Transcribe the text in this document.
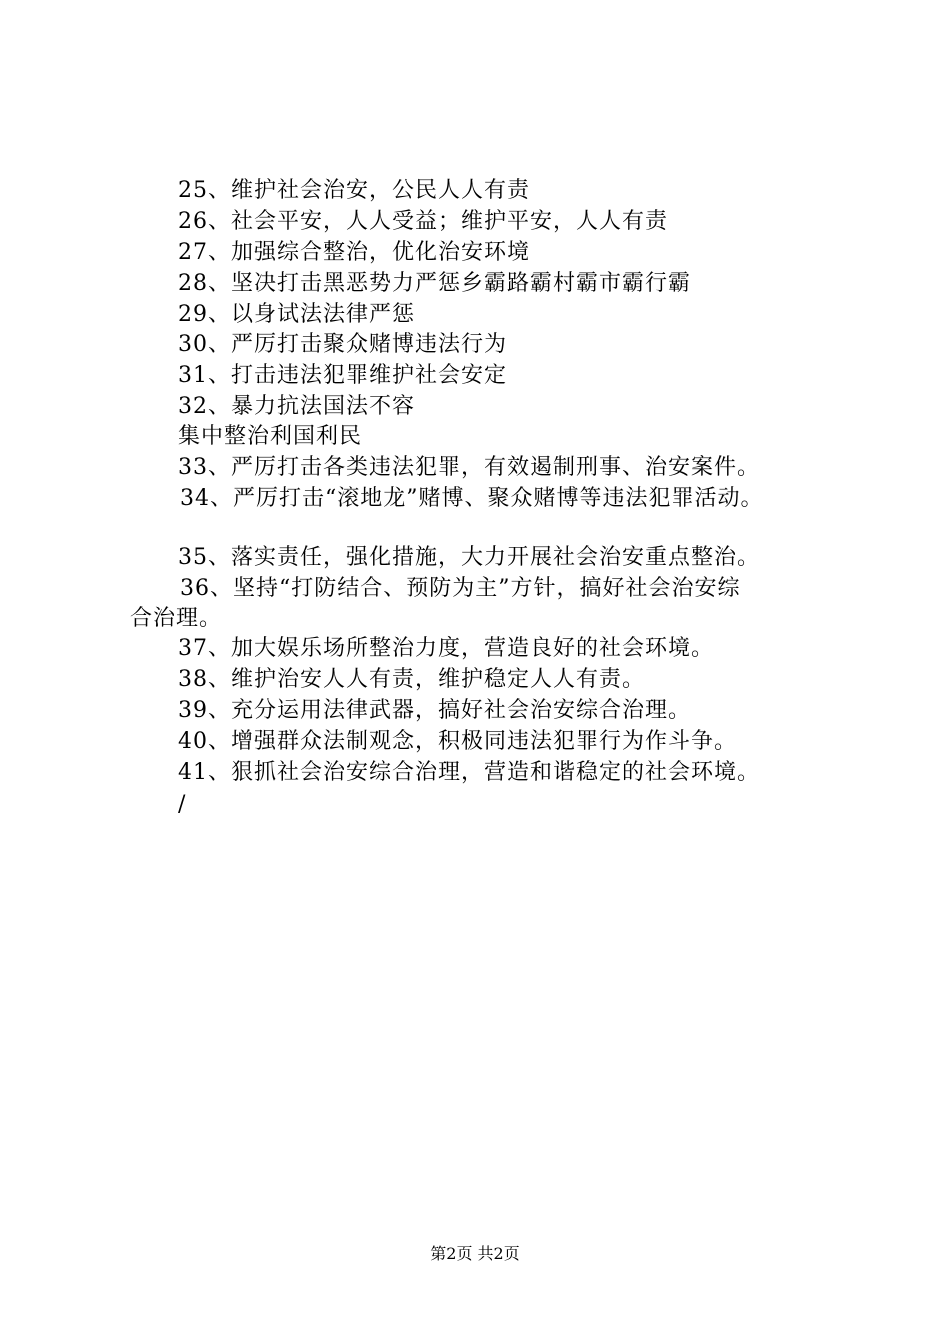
25、维护社会治安，公民人人有责
26、社会平安，人人受益；维护平安，人人有责
27、加强综合整治，优化治安环境
28、坚决打击黑恶势力严惩乡霸路霸村霸市霸行霸
29、以身试法法律严惩
30、严厉打击聚众赌博违法行为
31、打击违法犯罪维护社会安定
32、暴力抗法国法不容
集中整治利国利民
33、严厉打击各类违法犯罪，有效遏制刑事、治安案件。
34、严厉打击“滚地龙”赌博、聚众赌博等违法犯罪活动。
35、落实责任，强化措施，大力开展社会治安重点整治。
36、坚持“打防结合、预防为主”方针，搞好社会治安综
合治理。
37、加大娱乐场所整治力度，营造良好的社会环境。
38、维护治安人人有责，维护稳定人人有责。
39、充分运用法律武器，搞好社会治安综合治理。
40、增强群众法制观念，积极同违法犯罪行为作斗争。
41、狠抓社会治安综合治理，营造和谐稳定的社会环境。
/
第2页 共2页
